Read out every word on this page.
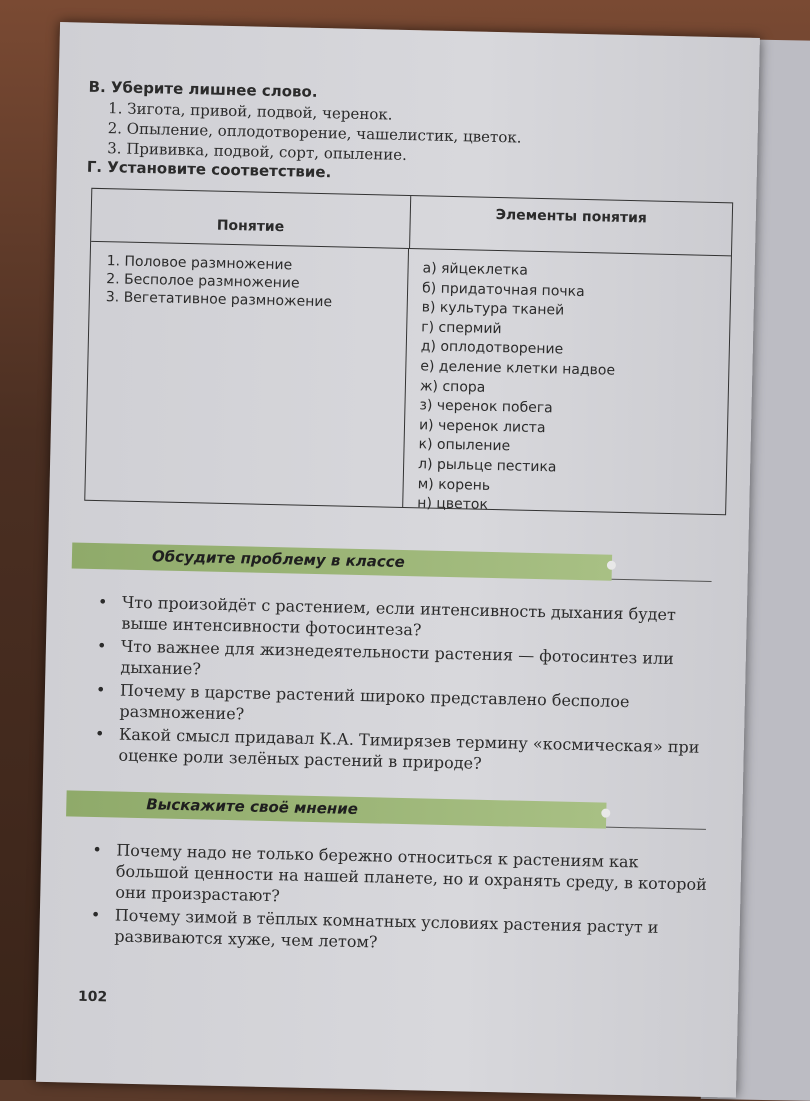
В. Уберите лишнее слово.

1. Зигота, привой, подвой, черенок.
2. Опыление, оплодотворение, чашелистик, цветок.
3. Прививка, подвой, сорт, опыление.

Г. Установите соответствие.

Понятие
Элементы понятия
1. Половое размножение
2. Бесполое размножение
3. Вегетативное размножение
а) яйцеклетка
б) придаточная почка
в) культура тканей
г) спермий
д) оплодотворение
е) деление клетки надвое
ж) спора
з) черенок побега
и) черенок листа
к) опыление
л) рыльце пестика
м) корень
н) цветок
Обсудите проблему в классе
• Что произойдёт с растением, если интенсивность дыхания будет выше интенсивности фотосинтеза?
• Что важнее для жизнедеятельности растения — фотосинтез или дыхание?
• Почему в царстве растений широко представлено бесполое размножение?
• Какой смысл придавал К.А. Тимирязев термину «космическая» при оценке роли зелёных растений в природе?
Выскажите своё мнение
• Почему надо не только бережно относиться к растениям как большой ценности на нашей планете, но и охранять среду, в которой они произрастают?
• Почему зимой в тёплых комнатных условиях растения растут и развиваются хуже, чем летом?
102
